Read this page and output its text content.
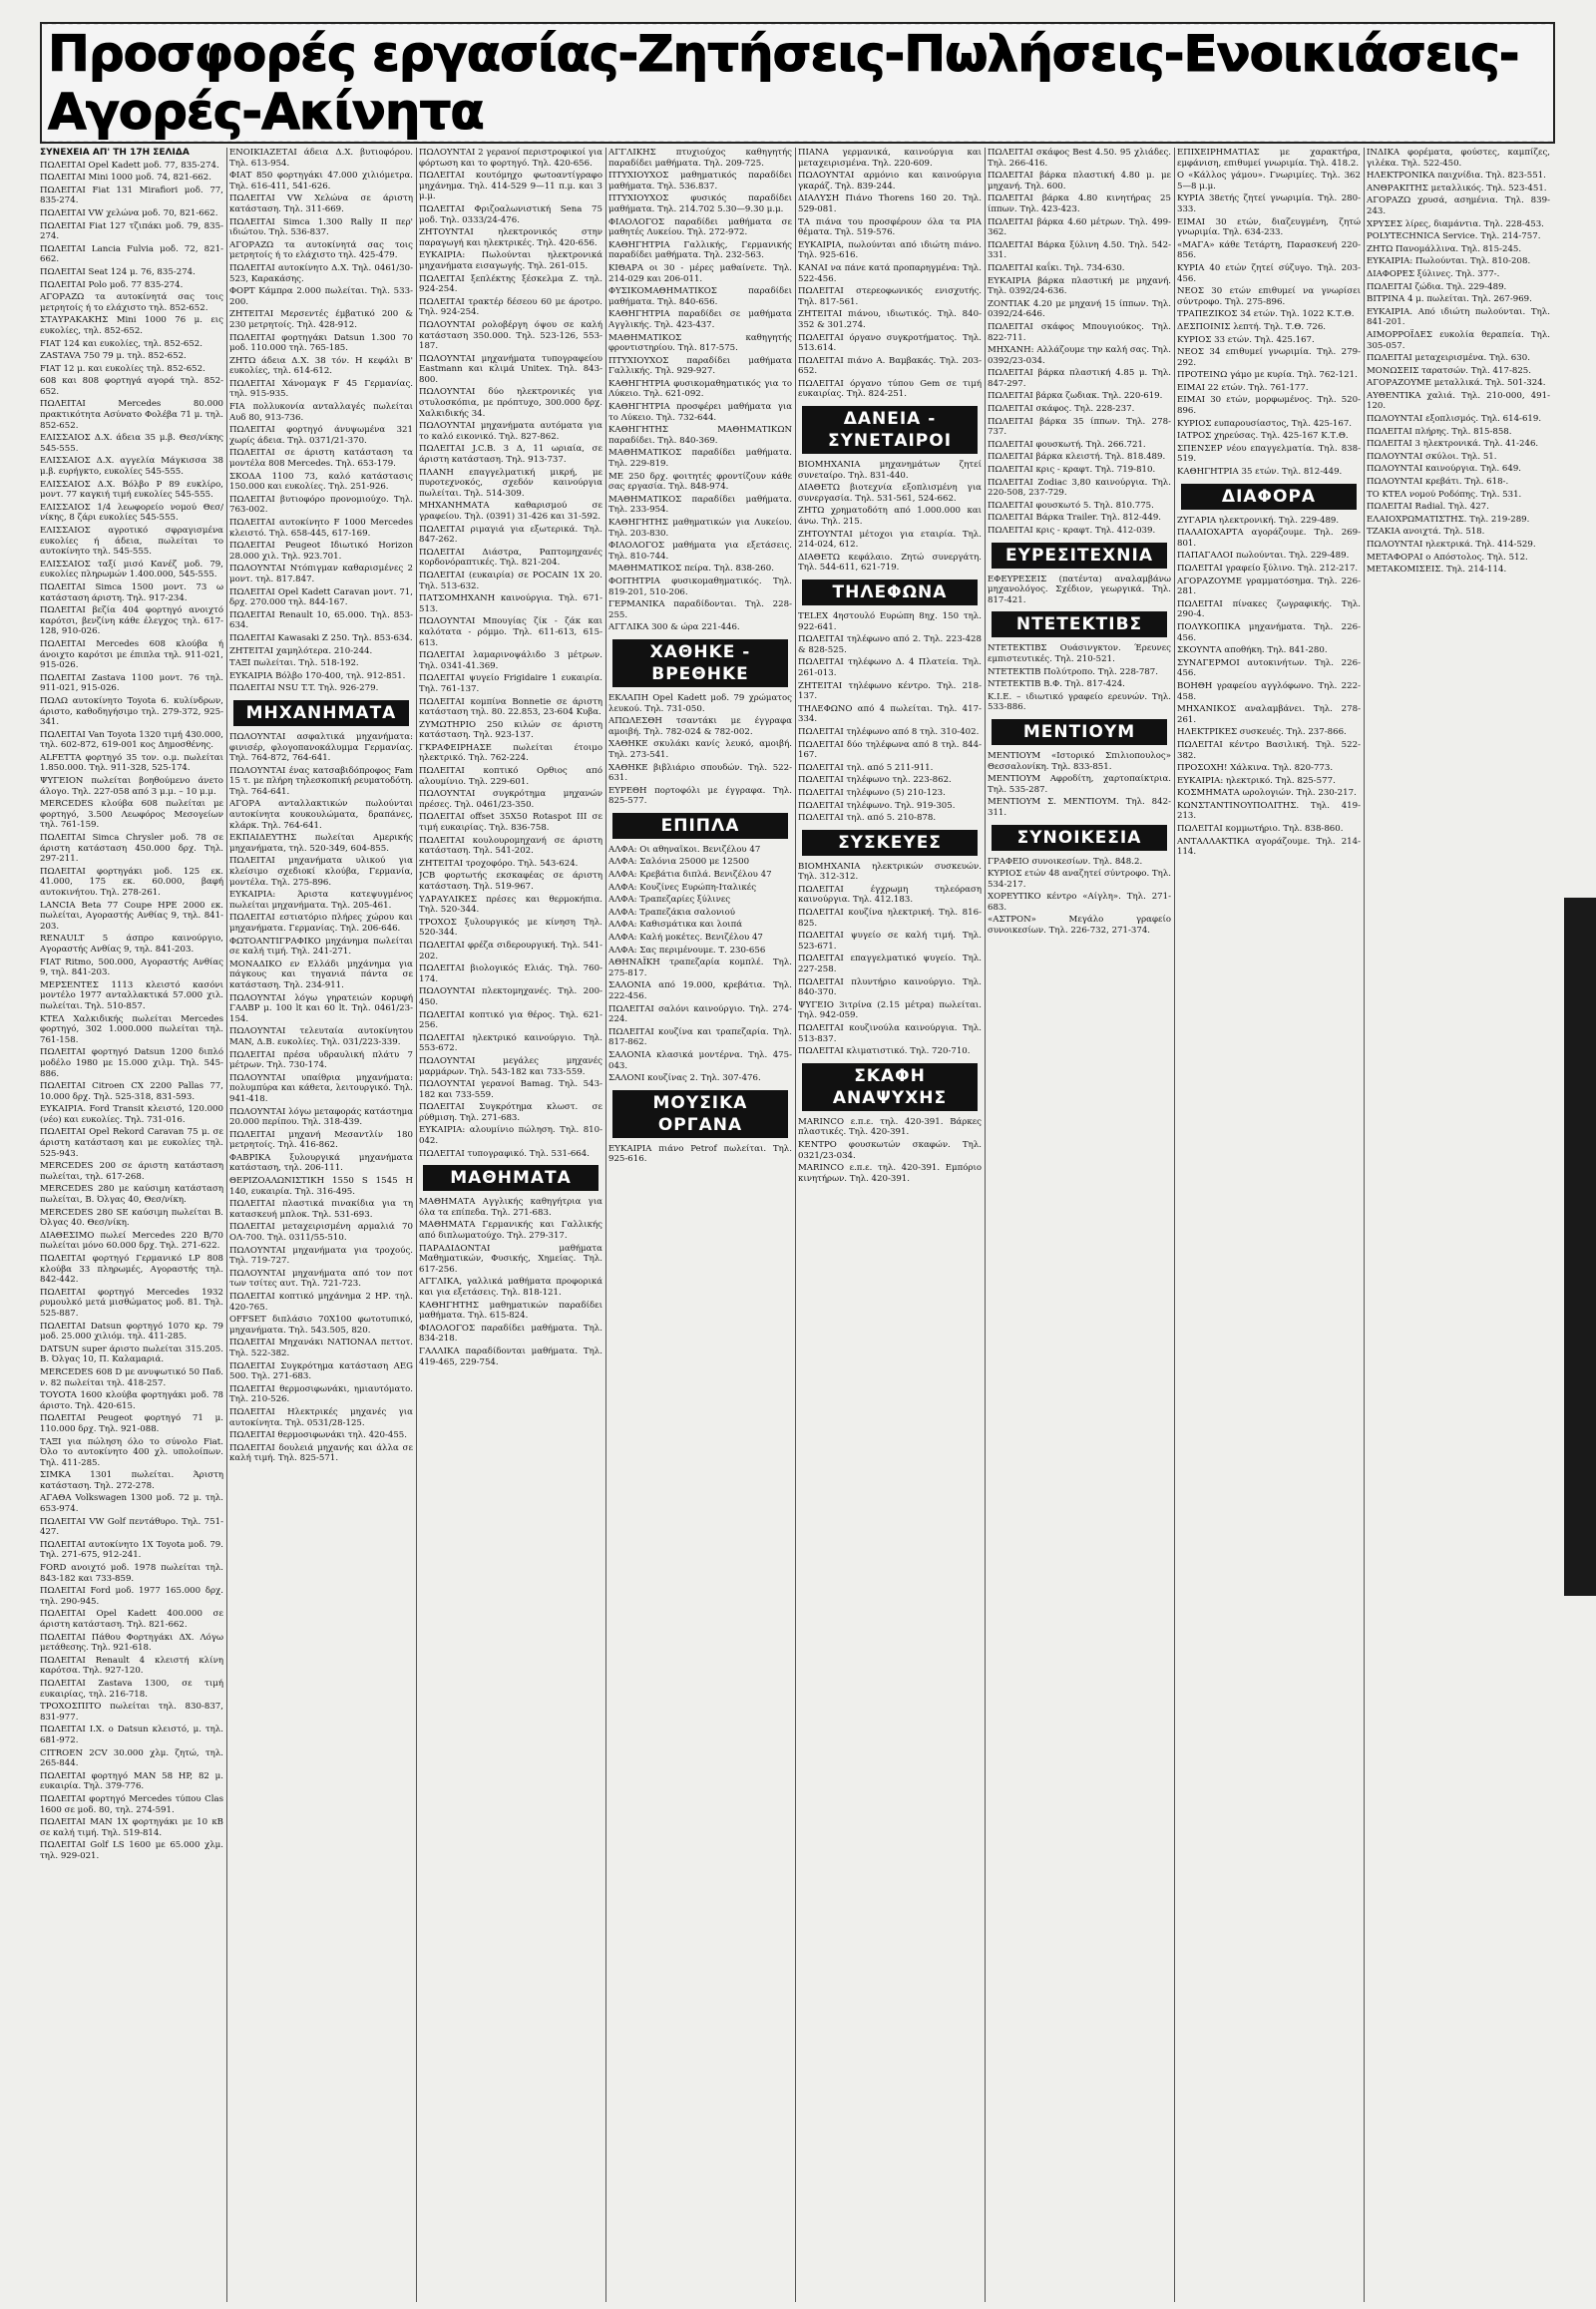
Προσφορές εργασίας-Ζητήσεις-Πωλήσεις-Ενοικιάσεις-Αγορές-Ακίνητα
ΣΥΝΕΧΕΙΑ ΑΠ' ΤΗ 17Η ΣΕΛΙΔΑ
ΠΩΛΕΙΤΑΙ Opel Kadett μοδ. 77, 835-274.
ΠΩΛΕΙΤΑΙ Mini 1000 μοδ. 74, 821-662.
ΠΩΛΕΙΤΑΙ Fiat 131 Mirafiori μοδ. 77, 835-274.
ΠΩΛΕΙΤΑΙ VW χελώνα μοδ. 70, 821-662.
ΠΩΛΕΙΤΑΙ Fiat 127 τζιπάκι μοδ. 79, 835-274.
ΠΩΛΕΙΤΑΙ Lancia Fulvia μοδ. 72, 821-662.
ΠΩΛΕΙΤΑΙ Seat 124 μ. 76, 835-274.
ΠΩΛΕΙΤΑΙ Polo μοδ. 77 835-274.
ΑΓΟΡΑΖΩ τα αυτοκίνητά σας τοις μετρητοίς ή το ελάχιστο τηλ. 852-652.
ΣΤΑΥΡΑΚΑΚΗΣ Mini 1000 76 μ. εις ευκολίες, τηλ. 852-652.
FIAT 124 και ευκολίες, τηλ. 852-652.
ZASTAVA 750 79 μ. τηλ. 852-652.
FIAT 12 μ. και ευκολίες τηλ. 852-652.
608 και 808 φορτηγά αγορά τηλ. 852-652.
ΠΩΛΕΙΤΑΙ Mercedes 80.000 πρακτικότητα Ασύνατο Φολέβα 71 μ. τηλ. 852-652.
ΕΛΙΣΣΑΙΟΣ Δ.Χ. άδεια 35 μ.β. Θεσ/νίκης 545-555.
ΕΛΙΣΣΑΙΟΣ Δ.Χ. αγγελία Μάγκισσα 38 μ.β. ευρήγκτο, ευκολίες 545-555.
ΕΛΙΣΣΑΙΟΣ Δ.Χ. Βόλβο Ρ 89 ευκλίρο, μοντ. 77 καγκιή τιμή ευκολίες 545-555.
ΕΛΙΣΣΑΙΟΣ 1/4 λεωφορείο νομού Θεσ/νίκης, 8 ζάρι ευκολίες 545-555.
ΕΛΙΣΣΑΙΟΣ αγροτικό σφραγισμένα ευκολίες ή άδεια, πωλείται το αυτοκίνητο τηλ. 545-555.
ΕΛΙΣΣΑΙΟΣ ταξί μισό Κανέζ μοδ. 79, ευκολίες πληρωμών 1.400.000, 545-555.
ΠΩΛΕΙΤΑΙ Simca 1500 μοντ. 73 ω κατάσταση άριστη. Τηλ. 917-234.
ΠΩΛΕΙΤΑΙ βεζία 404 φορτηγό ανοιχτό καρότσι, βενζίνη κάθε έλεγχος τηλ. 617-128, 910-026.
ΠΩΛΕΙΤΑΙ Mercedes 608 κλούβα ή άνοιχτο καρότσι με έπιπλα τηλ. 911-021, 915-026.
ΠΩΛΕΙΤΑΙ Zastava 1100 μοντ. 76 τηλ. 911-021, 915-026.
ΠΩΛΩ αυτοκίνητο Toyota 6. κυλίνδρων, άριστο, καθοδηγήσιμο τηλ. 279-372, 925-341.
ΠΩΛΕΙΤΑΙ Van Toyota 1320 τιμή 430.000, τηλ. 602-872, 619-001 κος Δημοσθένης.
ALFETTA φορτηγό 35 τον. ο.μ. πωλείται 1.850.000. Τηλ. 911-328, 525-174.
ΨΥΓΕΙΟΝ πωλείται βοηθούμενο άνετο άλογο. Τηλ. 227-058 από 3 μ.μ. – 10 μ.μ.
MERCEDES κλούβα 608 πωλείται με φορτηγό, 3.500 Λεωφόρος Μεσογείων τηλ. 761-159.
ΠΩΛΕΙΤΑΙ Simca Chrysler μοδ. 78 σε άριστη κατάσταση 450.000 δρχ. Τηλ. 297-211.
ΠΩΛΕΙΤΑΙ φορτηγάκι μοδ. 125 εκ. 41.000, 175 εκ. 60.000, βαφή αυτοκινήτου. Τηλ. 278-261.
LANCIA Beta 77 Coupe HPE 2000 εκ. πωλείται, Αγοραστής Ανθίας 9, τηλ. 841-203.
RENAULT 5 άσπρο καινούργιο, Αγοραστής Ανθίας 9, τηλ. 841-203.
FIAT Ritmo, 500.000, Αγοραστής Ανθίας 9, τηλ. 841-203.
ΜΕΡΣΕΝΤΕΣ 1113 κλειστό κασόνι μοντέλο 1977 ανταλλακτικά 57.000 χιλ. πωλείται. Τηλ. 510-857.
ΚΤΕΛ Χαλκιδικής πωλείται Mercedes φορτηγό, 302 1.000.000 πωλείται τηλ. 761-158.
ΠΩΛΕΙΤΑΙ φορτηγό Datsun 1200 διπλό μοδέλο 1980 με 15.000 χιλμ. Τηλ. 545-886.
ΠΩΛΕΙΤΑΙ Citroen CX 2200 Pallas 77, 10.000 δρχ. Τηλ. 525-318, 831-593.
ΕΥΚΑΙΡΙΑ. Ford Transit κλειστό, 120.000 (νέο) και ευκολίες. Τηλ. 731-016.
ΠΩΛΕΙΤΑΙ Opel Rekord Caravan 75 μ. σε άριστη κατάσταση και με ευκολίες τηλ. 525-943.
MERCEDES 200 σε άριστη κατάσταση πωλείται, τηλ. 617-268.
MERCEDES 280 με καύσιμη κατάσταση πωλείται, Β. Όλγας 40, Θεσ/νίκη.
MERCEDES 280 SE καύσιμη πωλείται Β. Όλγας 40. Θεσ/νίκη.
ΔΙΑΘΕΣΙΜΟ πωλεί Mercedes 220 Β/70 πωλείται μόνο 60.000 δρχ. Τηλ. 271-622.
ΠΩΛΕΙΤΑΙ φορτηγό Γερμανικό LP 808 κλούβα 33 πληρωμές, Αγοραστής τηλ. 842-442.
ΠΩΛΕΙΤΑΙ φορτηγό Mercedes 1932 ρυμουλκό μετά μισθώματος μοδ. 81. Τηλ. 525-887.
ΠΩΛΕΙΤΑΙ Datsun φορτηγό 1070 κρ. 79 μοδ. 25.000 χιλιόμ. τηλ. 411-285.
DATSUN super άριστο πωλείται 315.205. Β. Όλγας 10, Π. Καλαμαριά.
MERCEDES 608 D με ανυψωτικό 50 Παδ. ν. 82 πωλείται τηλ. 418-257.
TOYOTA 1600 κλούβα φορτηγάκι μοδ. 78 άριστο. Τηλ. 420-615.
ΠΩΛΕΙΤΑΙ Peugeot φορτηγό 71 μ. 110.000 δρχ. Τηλ. 921-088.
ΤΑΞΙ για πώληση όλο το σύνολο Fiat. Όλο το αυτοκίνητο 400 χλ. υπολοίπων. Τηλ. 411-285.
ΣΙΜΚΑ 1301 πωλείται. Άριστη κατάσταση. Τηλ. 272-278.
ΑΓΑΘΑ Volkswagen 1300 μοδ. 72 μ. τηλ. 653-974.
ΠΩΛΕΙΤΑΙ VW Golf πεντάθυρο. Τηλ. 751-427.
ΠΩΛΕΙΤΑΙ αυτοκίνητο 1X Toyota μοδ. 79. Τηλ. 271-675, 912-241.
FORD ανοιχτό μοδ. 1978 πωλείται τηλ. 843-182 και 733-859.
ΠΩΛΕΙΤΑΙ Ford μοδ. 1977 165.000 δρχ. τηλ. 290-945.
ΠΩΛΕΙΤΑΙ Opel Kadett 400.000 σε άριστη κατάσταση. Τηλ. 821-662.
ΠΩΛΕΙΤΑΙ Πάθου Φορτηγάκι ΔΧ. Λόγω μετάθεσης. Τηλ. 921-618.
ΠΩΛΕΙΤΑΙ Renault 4 κλειστή κλίνη καρότσα. Τηλ. 927-120.
ΠΩΛΕΙΤΑΙ Zastava 1300, σε τιμή ευκαιρίας, τηλ. 216-718.
ΤΡΟΧΟΣΠΙΤΟ πωλείται τηλ. 830-837, 831-977.
ΠΩΛΕΙΤΑΙ Ι.Χ. ο Datsun κλειστό, μ. τηλ. 681-972.
CITROEN 2CV 30.000 χλμ. ζητώ, τηλ. 265-844.
ΠΩΛΕΙΤΑΙ φορτηγό MAN 58 HP, 82 μ. ευκαιρία. Τηλ. 379-776.
ΠΩΛΕΙΤΑΙ φορτηγό Mercedes τύπου Clas 1600 σε μοδ. 80, τηλ. 274-591.
ΠΩΛΕΙΤΑΙ MAN 1Χ φορτηγάκι με 10 κΒ σε καλή τιμή. Τηλ. 519-814.
ΠΩΛΕΙΤΑΙ Golf LS 1600 με 65.000 χλμ. τηλ. 929-021.
ΕΝΟΙΚΙΑΖΕΤΑΙ άδεια Δ.Χ. βυτιοφόρου. Τηλ. 613-954.
ΦΙΑΤ 850 φορτηγάκι 47.000 χιλιόμετρα. Τηλ. 616-411, 541-626.
ΠΩΛΕΙΤΑΙ VW Χελώνα σε άριστη κατάσταση. Τηλ. 311-669.
ΠΩΛΕΙΤΑΙ Simca 1.300 Rally II περ' ιδιώτου. Τηλ. 536-837.
ΑΓΟΡΑΖΩ τα αυτοκίνητά σας τοις μετρητοίς ή το ελάχιστο τηλ. 425-479.
ΠΩΛΕΙΤΑΙ αυτοκίνητο Δ.Χ. Τηλ. 0461/30-523, Καρακάσης.
ΦΟΡΤ Κάμπρα 2.000 πωλείται. Τηλ. 533-200.
ΖΗΤΕΙΤΑΙ Μερσεντές έμβατικό 200 & 230 μετρητοίς. Τηλ. 428-912.
ΠΩΛΕΙΤΑΙ φορτηγάκι Datsun 1.300 70 μοδ. 110.000 τηλ. 765-185.
ΖΗΤΩ άδεια Δ.Χ. 38 τόν. Η κεφάλι Β' ευκολίες, τηλ. 614-612.
ΠΩΛΕΙΤΑΙ Χάνομαγκ F 45 Γερμανίας. τηλ. 915-935.
FIA πολλυκονία ανταλλαγές πωλείται Αυδ 80, 913-736.
ΠΩΛΕΙΤΑΙ φορτηγό άνυψωμένα 321 χωρίς άδεια. Τηλ. 0371/21-370.
ΠΩΛΕΙΤΑΙ σε άριστη κατάσταση τα μοντέλα 808 Mercedes. Τηλ. 653-179.
ΣΚΟΔΑ 1100 73, καλό κατάστασις 150.000 και ευκολίες. Τηλ. 251-926.
ΠΩΛΕΙΤΑΙ βυτιοφόρο προνομιούχο. Τηλ. 763-002.
ΠΩΛΕΙΤΑΙ αυτοκίνητο F 1000 Mercedes κλειστό. Τηλ. 658-445, 617-169.
ΠΩΛΕΙΤΑΙ Peugeot Ιδιωτικό Horizon 28.000 χιλ. Τηλ. 923.701.
ΠΩΛΟΥΝΤΑΙ Ντόπιγμαν καθαρισμένες 2 μοντ. τηλ. 817.847.
ΠΩΛΕΙΤΑΙ Opel Kadett Caravan μοντ. 71, δρχ. 270.000 τηλ. 844-167.
ΠΩΛΕΙΤΑΙ Renault 10, 65.000. Τηλ. 853-634.
ΠΩΛΕΙΤΑΙ Kawasaki Z 250. Τηλ. 853-634.
ΖΗΤΕΙΤΑΙ χαμηλότερα. 210-244.
ΤΑΞΙ πωλείται. Τηλ. 518-192.
ΕΥΚΑΙΡΙΑ Βόλβο 170-400, τηλ. 912-851.
ΠΩΛΕΙΤΑΙ NSU T.T. Τηλ. 926-279.
ΜΗΧΑΝΗΜΑΤΑ
ΠΩΛΟΥΝΤΑΙ ασφαλτικά μηχανήματα: φινισέρ, φλογοπανοκάλυμμα Γερμανίας. Τηλ. 764-872, 764-641.
ΠΩΛΟΥΝΤΑΙ ένας κατσαβιδόπροφος Fam 15 τ. με πλήρη τηλεσκοπική ρευματοδότη. Τηλ. 764-641.
ΑΓΟΡΑ ανταλλακτικών πωλούνται αυτοκίνητα κουκουλώματα, δραπάνες, κλάρκ. Τηλ. 764-641.
ΕΚΠΑΙΔΕΥΤΗΣ πωλείται Αμερικής μηχανήματα, τηλ. 520-349, 604-855.
ΠΩΛΕΙΤΑΙ μηχανήματα υλικού για κλείσιμο σχεδιοκί κλούβα, Γερμανία, μοντέλα. Τηλ. 275-896.
ΕΥΚΑΙΡΙΑ: Άριστα κατεψυγμένος πωλείται μηχανήματα. Τηλ. 205-461.
ΠΩΛΕΙΤΑΙ εστιατόριο πλήρες χώρου και μηχανήματα. Γερμανίας. Τηλ. 206-646.
ΦΩΤΟΑΝΤΙΓΡΑΦΙΚΟ μηχάνημα πωλείται σε καλή τιμή. Τηλ. 241-271.
ΜΟΝΑΔΙΚΟ εν Ελλάδι μηχάνημα για πάγκους και τηγανιά πάντα σε κατάσταση. Τηλ. 234-911.
ΠΩΛΟΥΝΤΑΙ λόγω γηρατειών κορυφή ΓΑΛΒΡ μ. 100 lt και 60 lt. Τηλ. 0461/23-154.
ΠΩΛΟΥΝΤΑΙ τελευταία αυτοκίνητου MAN, Δ.Β. ευκολίες. Τηλ. 031/223-339.
ΠΩΛΕΙΤΑΙ πρέσα υδραυλική πλάτυ 7 μέτρων. Τηλ. 730-174.
ΠΩΛΟΥΝΤΑΙ υπαίθρια μηχανήματα: πολυμπύρα και κάθετα, λειτουργικό. Τηλ. 941-418.
ΠΩΛΟΥΝΤΑΙ λόγω μεταφοράς κατάστημα 20.000 περίπου. Τηλ. 318-439.
ΠΩΛΕΙΤΑΙ μηχανή Μεσαντλίν 180 μετρητοίς. Τηλ. 416-862.
ΦΑΒΡΙΚΑ ξυλουργικά μηχανήματα κατάσταση, τηλ. 206-111.
ΘΕΡΙΖΟΑΛΩΝΙΣΤΙΚΗ 1550 S 1545 Η 140, ευκαιρία. Τηλ. 316-495.
ΠΩΛΕΙΤΑΙ πλαστικά πινακίδια για τη κατασκευή μπλοκ. Τηλ. 531-693.
ΠΩΛΕΙΤΑΙ μεταχειρισμένη αρμαλιά 70 ΟΛ-700. Τηλ. 0311/55-510.
ΠΩΛΟΥΝΤΑΙ μηχανήματα για τροχούς. Τηλ. 719-727.
ΠΩΛΟΥΝΤΑΙ μηχανήματα από τον ποτ των τσίτες αυτ. Τηλ. 721-723.
ΠΩΛΕΙΤΑΙ κοπτικό μηχάνημα 2 ΗΡ. τηλ. 420-765.
OFFSET διπλάσιο 70Χ100 φωτοτυπικό, μηχανήματα. Τηλ. 543.505, 820.
ΠΩΛΕΙΤΑΙ Μηχανάκι ΝΑΤΙΟΝΑΛ πεττοτ. Τηλ. 522-382.
ΠΩΛΕΙΤΑΙ Συγκρότημα κατάσταση ΑΕG 500. Τηλ. 271-683.
ΠΩΛΕΙΤΑΙ θερμοσιφωνάκι, ημιαυτόματο. Τηλ. 210-526.
ΠΩΛΕΙΤΑΙ Ηλεκτρικές μηχανές για αυτοκίνητα. Τηλ. 0531/28-125.
ΠΩΛΕΙΤΑΙ θερμοσιφωνάκι τηλ. 420-455.
ΠΩΛΕΙΤΑΙ δουλειά μηχανής και άλλα σε καλή τιμή. Τηλ. 825-571.
ΠΩΛΟΥΝΤΑΙ 2 γερανοί περιστροφικοί για φόρτωση και το φορτηγό. Τηλ. 420-656.
ΠΩΛΕΙΤΑΙ κουτόμηχο φωτοαντίγραφο μηχάνημα. Τηλ. 414-529 9—11 π.μ. και 3 μ.μ.
ΠΩΛΕΙΤΑΙ Φριζοαλωνιστική Sena 75 μοδ. Τηλ. 0333/24-476.
ΖΗΤΟΥΝΤΑΙ ηλεκτρονικός στην παραγωγή και ηλεκτρικές. Τηλ. 420-656.
ΕΥΚΑΙΡΙΑ: Πωλούνται ηλεκτρονικά μηχανήματα εισαγωγής. Τηλ. 261-015.
ΠΩΛΕΙΤΑΙ ξεπλέκτης ξέσκελμα Ζ. τηλ. 924-254.
ΠΩΛΕΙΤΑΙ τρακτέρ δέσεου 60 με άροτρο. Τηλ. 924-254.
ΠΩΛΟΥΝΤΑΙ ρολοβέργη όψου σε καλή κατάσταση 350.000. Τηλ. 523-126, 553-187.
ΠΩΛΟΥΝΤΑΙ μηχανήματα τυπογραφείου Eastmann και κλιμά Unitex. Τηλ. 843-800.
ΠΩΛΟΥΝΤΑΙ δύο ηλεκτρονικές για στυλοσκόπια, με πρόπτυχο, 300.000 δρχ. Χαλκιδικής 34.
ΠΩΛΟΥΝΤΑΙ μηχανήματα αυτόματα για το καλό εικονικό. Τηλ. 827-862.
ΠΩΛΕΙΤΑΙ J.C.B. 3 Δ, 11 ωριαία, σε άριστη κατάσταση. Τηλ. 913-737.
ΠΛΑΝΗ επαγγελματική μικρή, με πυροτεχνοκός, σχεδόν καινούργια πωλείται. Τηλ. 514-309.
ΜΗΧΑΝΗΜΑΤΑ καθαρισμού σε γραφείου. Τηλ. (0391) 31-426 και 31-592.
ΠΩΛΕΙΤΑΙ ριμαγιά για εξωτερικά. Τηλ. 847-262.
ΠΩΛΕΙΤΑΙ Διάστρα, Ραπτομηχανές κορδονόραπτικές. Τηλ. 821-204.
ΠΩΛΕΙΤΑΙ (ευκαιρία) σε ΡΟCΑΙΝ 1Χ 20. Τηλ. 513-632.
ΠΑΤΣΟΜΗΧΑΝΗ καινούργια. Τηλ. 671-513.
ΠΩΛΟΥΝΤΑΙ Μπουγίας ζίκ - ζάκ και καλότατα - ρόμμο. Τηλ. 611-613, 615-613.
ΠΩΛΕΙΤΑΙ λαμαρινοψάλιδο 3 μέτρων. Τηλ. 0341-41.369.
ΠΩΛΕΙΤΑΙ ψυγείο Frigidaire 1 ευκαιρία. Τηλ. 761-137.
ΠΩΛΕΙΤΑΙ κομπίνα Bonnetie σε άριστη κατάσταση τηλ. 80. 22.853, 23-604 Κυβα.
ΖΥΜΩΤΗΡΙΟ 250 κιλών σε άριστη κατάσταση. Τηλ. 923-137.
ΓΚΡΑΦΕΙΡΗΑΣΕ πωλείται έτοιμο ηλεκτρικό. Τηλ. 762-224.
ΠΩΛΕΙΤΑΙ κοπτικό Ορθιος από αλουμίνιο. Τηλ. 229-601.
ΠΩΛΟΥΝΤΑΙ συγκρότημα μηχανών πρέσες. Τηλ. 0461/23-350.
ΠΩΛΕΙΤΑΙ offset 35Χ50 Rotaspot III σε τιμή ευκαιρίας. Τηλ. 836-758.
ΠΩΛΕΙΤΑΙ κουλουρομηχανή σε άριστη κατάσταση. Τηλ. 541-202.
ΖΗΤΕΙΤΑΙ τροχοφόρο. Τηλ. 543-624.
JCB φορτωτής εκσκαφέας σε άριστη κατάσταση. Τηλ. 519-967.
ΥΔΡΑΥΛΙΚΕΣ πρέσες και θερμοκήπια. Τηλ. 520-344.
ΤΡΟΧΟΣ ξυλουργικός με κίνηση Τηλ. 520-344.
ΠΩΛΕΙΤΑΙ φρέζα σιδερουργική. Τηλ. 541-202.
ΠΩΛΕΙΤΑΙ βιολογικός Ελιάς. Τηλ. 760-174.
ΠΩΛΟΥΝΤΑΙ πλεκτομηχανές. Τηλ. 200-450.
ΠΩΛΕΙΤΑΙ κοπτικό για θέρος. Τηλ. 621-256.
ΠΩΛΕΙΤΑΙ ηλεκτρικό καινούργιο. Τηλ. 553-672.
ΠΩΛΟΥΝΤΑΙ μεγάλες μηχανές μαρμάρων. Τηλ. 543-182 και 733-559.
ΠΩΛΟΥΝΤΑΙ γερανοί Bamag. Τηλ. 543-182 και 733-559.
ΠΩΛΕΙΤΑΙ Συγκρότημα κλωστ. σε ρύθμιση. Τηλ. 271-683.
ΕΥΚΑΙΡΙΑ: αλουμίνιο πώληση. Τηλ. 810-042.
ΠΩΛΕΙΤΑΙ τυπογραφικό. Τηλ. 531-664.
ΜΑΘΗΜΑΤΑ
ΜΑΘΗΜΑΤΑ Αγγλικής καθηγήτρια για όλα τα επίπεδα. Τηλ. 271-683.
ΜΑΘΗΜΑΤΑ Γερμανικής και Γαλλικής από διπλωματούχο. Τηλ. 279-317.
ΠΑΡΑΔΙΔΟΝΤΑΙ μαθήματα Μαθηματικών, Φυσικής, Χημείας. Τηλ. 617-256.
ΑΓΓΛΙΚΑ, γαλλικά μαθήματα προφορικά και για εξετάσεις. Τηλ. 818-121.
ΚΑΘΗΓΗΤΗΣ μαθηματικών παραδίδει μαθήματα. Τηλ. 615-824.
ΦΙΛΟΛΟΓΟΣ παραδίδει μαθήματα. Τηλ. 834-218.
ΓΑΛΛΙΚΑ παραδίδονται μαθήματα. Τηλ. 419-465, 229-754.
ΑΓΓΛΙΚΗΣ πτυχιούχος καθηγητής παραδίδει μαθήματα. Τηλ. 209-725.
ΠΤΥΧΙΟΥΧΟΣ μαθηματικός παραδίδει μαθήματα. Τηλ. 536.837.
ΠΤΥΧΙΟΥΧΟΣ φυσικός παραδίδει μαθήματα. Τηλ. 214.702 5.30—9.30 μ.μ.
ΦΙΛΟΛΟΓΟΣ παραδίδει μαθήματα σε μαθητές Λυκείου. Τηλ. 272-972.
ΚΑΘΗΓΗΤΡΙΑ Γαλλικής, Γερμανικής παραδίδει μαθήματα. Τηλ. 232-563.
ΚΙΘΑΡΑ οι 30 - μέρες μαθαίνετε. Τηλ. 214-029 και 206-011.
ΦΥΣΙΚΟΜΑΘΗΜΑΤΙΚΟΣ παραδίδει μαθήματα. Τηλ. 840-656.
ΚΑΘΗΓΗΤΡΙΑ παραδίδει σε μαθήματα Αγγλικής. Τηλ. 423-437.
ΜΑΘΗΜΑΤΙΚΟΣ καθηγητής φροντιστηρίου. Τηλ. 817-575.
ΠΤΥΧΙΟΥΧΟΣ παραδίδει μαθήματα Γαλλικής. Τηλ. 929-927.
ΚΑΘΗΓΗΤΡΙΑ φυσικομαθηματικός για το Λύκειο. Τηλ. 621-092.
ΚΑΘΗΓΗΤΡΙΑ προσφέρει μαθήματα για το Λύκειο. Τηλ. 732-644.
ΚΑΘΗΓΗΤΗΣ ΜΑΘΗΜΑΤΙΚΩΝ παραδίδει. Τηλ. 840-369.
ΜΑΘΗΜΑΤΙΚΟΣ παραδίδει μαθήματα. Τηλ. 229-819.
ΜΕ 250 δρχ. φοιτητές φροντίζουν κάθε σας εργασία. Τηλ. 848-974.
ΜΑΘΗΜΑΤΙΚΟΣ παραδίδει μαθήματα. Τηλ. 233-954.
ΚΑΘΗΓΗΤΗΣ μαθηματικών για Λυκείου. Τηλ. 203-830.
ΦΙΛΟΛΟΓΟΣ μαθήματα για εξετάσεις. Τηλ. 810-744.
ΜΑΘΗΜΑΤΙΚΟΣ πείρα. Τηλ. 838-260.
ΦΟΙΤΗΤΡΙΑ φυσικομαθηματικός. Τηλ. 819-201, 510-206.
ΓΕΡΜΑΝΙΚΑ παραδίδονται. Τηλ. 228-255.
ΑΓΓΛΙΚΑ 300 & ώρα 221-446.
ΧΑΘΗΚΕ - ΒΡΕΘΗΚΕ
ΕΚΛΑΠΗ Opel Kadett μοδ. 79 χρώματος λευκού. Τηλ. 731-050.
ΑΠΩΛΕΣΘΗ τσαντάκι με έγγραφα αμοιβή. Τηλ. 782-024 & 782-002.
ΧΑΘΗΚΕ σκυλάκι κανίς λευκό, αμοιβή. Τηλ. 273-541.
ΧΑΘΗΚΕ βιβλιάριο σπουδών. Τηλ. 522-631.
ΕΥΡΕΘΗ πορτοφόλι με έγγραφα. Τηλ. 825-577.
ΕΠΙΠΛΑ
ΑΛΦΑ: Οι αθηναϊκοι. Βενιζέλου 47
ΑΛΦΑ: Σαλόνια 25000 με 12500
ΑΛΦΑ: Κρεβάτια διπλά. Βενιζέλου 47
ΑΛΦΑ: Κουζίνες Ευρώπη-Ιταλικές
ΑΛΦΑ: Τραπεζαρίες ξύλινες
ΑΛΦΑ: Τραπεζάκια σαλονιού
ΑΛΦΑ: Καθισμάτικα και λοιπά
ΑΛΦΑ: Καλή μοκέτες. Βενιζέλου 47
ΑΛΦΑ: Σας περιμένουμε. Τ. 230-656
ΑΘΗΝΑΪΚΗ τραπεζαρία κομπλέ. Τηλ. 275-817.
ΣΑΛΟΝΙΑ από 19.000, κρεβάτια. Τηλ. 222-456.
ΠΩΛΕΙΤΑΙ σαλόνι καινούργιο. Τηλ. 274-224.
ΠΩΛΕΙΤΑΙ κουζίνα και τραπεζαρία. Τηλ. 817-862.
ΣΑΛΟΝΙΑ κλασικά μοντέρνα. Τηλ. 475-043.
ΣΑΛΟΝΙ κουζίνας 2. Τηλ. 307-476.
ΜΟΥΣΙΚΑ ΟΡΓΑΝΑ
ΕΥΚΑΙΡΙΑ πιάνο Petrof πωλείται. Τηλ. 925-616.
ΠΙΑΝΑ γερμανικά, καινούργια και μεταχειρισμένα. Τηλ. 220-609.
ΠΩΛΟΥΝΤΑΙ αρμόνιο και καινούργια γκαράζ. Τηλ. 839-244.
ΔΙΑΛΥΣΗ Πιάνο Thorens 160 20. Τηλ. 529-081.
ΤΑ πιάνα του προσφέρουν όλα τα ΡΙΑ θέματα. Τηλ. 519-576.
ΕΥΚΑΙΡΙΑ, πωλούνται από ιδιώτη πιάνο. Τηλ. 925-616.
ΚΑΝΑΙ να πάνε κατά προπαρηγμένα: Τηλ. 522-456.
ΠΩΛΕΙΤΑΙ στερεοφωνικός ενισχυτής. Τηλ. 817-561.
ΖΗΤΕΙΤΑΙ πιάνου, ιδιωτικός. Τηλ. 840-352 & 301.274.
ΠΩΛΕΙΤΑΙ όργανο συγκροτήματος. Τηλ. 513.614.
ΠΩΛΕΙΤΑΙ πιάνο A. Βαμβακάς. Τηλ. 203-652.
ΠΩΛΕΙΤΑΙ όργανο τύπου Gem σε τιμή ευκαιρίας. Τηλ. 824-251.
ΔΑΝΕΙΑ - ΣΥΝΕΤΑΙΡΟΙ
ΒΙΟΜΗΧΑΝΙΑ μηχανημάτων ζητεί συνεταίρο. Τηλ. 831-440.
ΔΙΑΘΕΤΩ βιοτεχνία εξοπλισμένη για συνεργασία. Τηλ. 531-561, 524-662.
ΖΗΤΩ χρηματοδότη από 1.000.000 και άνω. Τηλ. 215.
ΖΗΤΟΥΝΤΑΙ μέτοχοι για εταιρία. Τηλ. 214-024, 612.
ΔΙΑΘΕΤΩ κεφάλαιο. Ζητώ συνεργάτη. Τηλ. 544-611, 621-719.
ΤΗΛΕΦΩΝΑ
TELEX 4ηστουλό Ευρώπη 8ηχ. 150 τηλ. 922-641.
ΠΩΛΕΙΤΑΙ τηλέφωνο από 2. Τηλ. 223-428 & 828-525.
ΠΩΛΕΙΤΑΙ τηλέφωνο Δ. 4 Πλατεία. Τηλ. 261-013.
ΖΗΤΕΙΤΑΙ τηλέφωνο κέντρο. Τηλ. 218-137.
ΤΗΛΕΦΩΝΟ από 4 πωλείται. Τηλ. 417-334.
ΠΩΛΕΙΤΑΙ τηλέφωνο από 8 τηλ. 310-402.
ΠΩΛΕΙΤΑΙ δύο τηλέφωνα από 8 τηλ. 844-167.
ΠΩΛΕΙΤΑΙ τηλ. από 5 211-911.
ΠΩΛΕΙΤΑΙ τηλέφωνο τηλ. 223-862.
ΠΩΛΕΙΤΑΙ τηλέφωνο (5) 210-123.
ΠΩΛΕΙΤΑΙ τηλέφωνο. Τηλ. 919-305.
ΠΩΛΕΙΤΑΙ τηλ. από 5. 210-878.
ΣΥΣΚΕΥΕΣ
ΒΙΟΜΗΧΑΝΙΑ ηλεκτρικών συσκευών. Τηλ. 312-312.
ΠΩΛΕΙΤΑΙ έγχρωμη τηλεόραση καινούργια. Τηλ. 412.183.
ΠΩΛΕΙΤΑΙ κουζίνα ηλεκτρική. Τηλ. 816-825.
ΠΩΛΕΙΤΑΙ ψυγείο σε καλή τιμή. Τηλ. 523-671.
ΠΩΛΕΙΤΑΙ επαγγελματικό ψυγείο. Τηλ. 227-258.
ΠΩΛΕΙΤΑΙ πλυντήριο καινούργιο. Τηλ. 840-370.
ΨΥΓΕΙΟ 3ιτρίνα (2.15 μέτρα) πωλείται. Τηλ. 942-059.
ΠΩΛΕΙΤΑΙ κουζινούλα καινούργια. Τηλ. 513-837.
ΠΩΛΕΙΤΑΙ κλιματιστικό. Τηλ. 720-710.
ΣΚΑΦΗ ΑΝΑΨΥΧΗΣ
MARINCO ε.π.ε. τηλ. 420-391. Βάρκες πλαστικές. Τηλ. 420-391.
ΚΕΝΤΡΟ φουσκωτών σκαφών. Τηλ. 0321/23-034.
MARINCO ε.π.ε. τηλ. 420-391. Εμπόριο κινητήρων. Τηλ. 420-391.
ΠΩΛΕΙΤΑΙ σκάφος Best 4.50. 95 χλιάδες. Τηλ. 266-416.
ΠΩΛΕΙΤΑΙ βάρκα πλαστική 4.80 μ. με μηχανή. Τηλ. 600.
ΠΩΛΕΙΤΑΙ βάρκα 4.80 κινητήρας 25 ίππων. Τηλ. 423-423.
ΠΩΛΕΙΤΑΙ βάρκα 4.60 μέτρων. Τηλ. 499-362.
ΠΩΛΕΙΤΑΙ Βάρκα ξύλινη 4.50. Τηλ. 542-331.
ΠΩΛΕΙΤΑΙ καΐκι. Τηλ. 734-630.
ΕΥΚΑΙΡΙΑ βάρκα πλαστική με μηχανή. Τηλ. 0392/24-636.
ΖΟΝΤΙΑΚ 4.20 με μηχανή 15 ίππων. Τηλ. 0392/24-646.
ΠΩΛΕΙΤΑΙ σκάφος Μπουγιούκος. Τηλ. 822-711.
ΜΗΧΑΝΗ: Αλλάζουμε την καλή σας. Τηλ. 0392/23-034.
ΠΩΛΕΙΤΑΙ βάρκα πλαστική 4.85 μ. Τηλ. 847-297.
ΠΩΛΕΙΤΑΙ βάρκα ζωδιακ. Τηλ. 220-619.
ΠΩΛΕΙΤΑΙ σκάφος. Τηλ. 228-237.
ΠΩΛΕΙΤΑΙ βάρκα 35 ίππων. Τηλ. 278-737.
ΠΩΛΕΙΤΑΙ φουσκωτή. Τηλ. 266.721.
ΠΩΛΕΙΤΑΙ βάρκα κλειστή. Τηλ. 818.489.
ΠΩΛΕΙΤΑΙ κρις - κραφτ. Τηλ. 719-810.
ΠΩΛΕΙΤΑΙ Zodiac 3,80 καινούργια. Τηλ. 220-508, 237-729.
ΠΩΛΕΙΤΑΙ φουσκωτό 5. Τηλ. 810.775.
ΠΩΛΕΙΤΑΙ Βάρκα Trailer. Τηλ. 812-449.
ΠΩΛΕΙΤΑΙ κρις - κραφτ. Τηλ. 412-039.
ΕΥΡΕΣΙΤΕΧΝΙΑ
ΕΦΕΥΡΕΣΕΙΣ (πατέντα) αναλαμβάνω μηχανολόγος. Σχέδιον, γεωργικά. Τηλ. 817-421.
ΝΤΕΤΕΚΤΙΒΣ
ΝΤΕΤΕΚΤΙΒΣ Ουάσινγκτον. Έρευνες εμπιστευτικές. Τηλ. 210-521.
ΝΤΕΤΕΚΤΙΒ Πολύτροπο. Τηλ. 228-787.
ΝΤΕΤΕΚΤΙΒ Β.Φ. Τηλ. 817-424.
Κ.Ι.Ε. – ιδιωτικό γραφείο ερευνών. Τηλ. 533-886.
ΜΕΝΤΙΟΥΜ
ΜΕΝΤΙΟΥΜ «Ιστορικό Σπιλιοπουλος» Θεσσαλονίκη. Τηλ. 833-851.
ΜΕΝΤΙΟΥΜ Αφροδίτη, χαρτοπαίκτρια. Τηλ. 535-287.
ΜΕΝΤΙΟΥΜ Σ. ΜΕΝΤΙΟΥΜ. Τηλ. 842-311.
ΣΥΝΟΙΚΕΣΙΑ
ΓΡΑΦΕΙΟ συνοικεσίων. Τηλ. 848.2.
ΚΥΡΙΟΣ ετών 48 αναζητεί σύντροφο. Τηλ. 534-217.
ΧΟΡΕΥΤΙΚΟ κέντρο «Αίγλη». Τηλ. 271-683.
«ΑΣΤΡΟΝ» Μεγάλο γραφείο συνοικεσίων. Τηλ. 226-732, 271-374.
ΕΠΙΧΕΙΡΗΜΑΤΙΑΣ με χαρακτήρα, εμφάνιση, επιθυμεί γνωριμία. Τηλ. 418.2.
Ο «Κάλλος γάμου». Γνωριμίες. Τηλ. 362 5—8 μ.μ.
ΚΥΡΙΑ 38ετής ζητεί γνωριμία. Τηλ. 280-333.
ΕΙΜΑΙ 30 ετών, διαζευγμένη, ζητώ γνωριμία. Τηλ. 634-233.
«ΜΑΓΑ» κάθε Τετάρτη, Παρασκευή 220-856.
ΚΥΡΙΑ 40 ετών ζητεί σύζυγο. Τηλ. 203-456.
ΝΕΟΣ 30 ετών επιθυμεί να γνωρίσει σύντροφο. Τηλ. 275-896.
ΤΡΑΠΕΖΙΚΟΣ 34 ετών. Τηλ. 1022 Κ.Τ.Θ.
ΔΕΣΠΟΙΝΙΣ λεπτή. Τηλ. Τ.Θ. 726.
ΚΥΡΙΟΣ 33 ετών. Τηλ. 425.167.
ΝΕΟΣ 34 επιθυμεί γνωριμία. Τηλ. 279-292.
ΠΡΟΤΕΙΝΩ γάμο με κυρία. Τηλ. 762-121.
ΕΙΜΑΙ 22 ετών. Τηλ. 761-177.
ΕΙΜΑΙ 30 ετών, μορφωμένος. Τηλ. 520-896.
ΚΥΡΙΟΣ ευπαρουσίαστος, Τηλ. 425-167.
ΙΑΤΡΟΣ χηρεύσας. Τηλ. 425-167 Κ.Τ.Θ.
ΣΠΕΝΣΕΡ νέου επαγγελματία. Τηλ. 838-519.
ΚΑΘΗΓΗΤΡΙΑ 35 ετών. Τηλ. 812-449.
ΔΙΑΦΟΡΑ
ΖΥΓΑΡΙΑ ηλεκτρονική. Τηλ. 229-489.
ΠΑΛΑΙΟΧΑΡΤΑ αγοράζουμε. Τηλ. 269-801.
ΠΑΠΑΓΑΛΟΙ πωλούνται. Τηλ. 229-489.
ΠΩΛΕΙΤΑΙ γραφείο ξύλινο. Τηλ. 212-217.
ΑΓΟΡΑΖΟΥΜΕ γραμματόσημα. Τηλ. 226-281.
ΠΩΛΕΙΤΑΙ πίνακες ζωγραφικής. Τηλ. 290-4.
ΠΟΛΥΚΟΠΙΚΑ μηχανήματα. Τηλ. 226-456.
ΣΚΟΥΝΤΑ αποθήκη. Τηλ. 841-280.
ΣΥΝΑΓΕΡΜΟΙ αυτοκινήτων. Τηλ. 226-456.
ΒΟΗΘΗ γραφείου αγγλόφωνο. Τηλ. 222-458.
ΜΗΧΑΝΙΚΟΣ αναλαμβάνει. Τηλ. 278-261.
ΗΛΕΚΤΡΙΚΕΣ συσκευές. Τηλ. 237-866.
ΠΩΛΕΙΤΑΙ κέντρο Βασιλική. Τηλ. 522-382.
ΠΡΟΣΟΧΗ! Χάλκινα. Τηλ. 820-773.
ΕΥΚΑΙΡΙΑ: ηλεκτρικό. Τηλ. 825-577.
ΚΟΣΜΗΜΑΤΑ ωρολογιών. Τηλ. 230-217.
ΚΩΝΣΤΑΝΤΙΝΟΥΠΟΛΙΤΗΣ. Τηλ. 419-213.
ΠΩΛΕΙΤΑΙ κομμωτήριο. Τηλ. 838-860.
ΑΝΤΑΛΛΑΚΤΙΚΑ αγοράζουμε. Τηλ. 214-114.
ΙΝΔΙΚΑ φορέματα, φούστες, καμπίζες, γιλέκα. Τηλ. 522-450.
ΗΛΕΚΤΡΟΝΙΚΑ παιχνίδια. Τηλ. 823-551.
ΑΝΘΡΑΚΙΤΗΣ μεταλλικός. Τηλ. 523-451.
ΑΓΟΡΑΖΩ χρυσά, ασημένια. Τηλ. 839-243.
ΧΡΥΣΕΣ λίρες, διαμάντια. Τηλ. 228-453.
POLYTECHNICA Service. Τηλ. 214-757.
ΖΗΤΩ Πανομάλλινα. Τηλ. 815-245.
ΕΥΚΑΙΡΙΑ: Πωλούνται. Τηλ. 810-208.
ΔΙΑΦΟΡΕΣ ξύλινες. Τηλ. 377-.
ΠΩΛΕΙΤΑΙ ζώδια. Τηλ. 229-489.
ΒΙΤΡΙΝΑ 4 μ. πωλείται. Τηλ. 267-969.
ΕΥΚΑΙΡΙΑ. Από ιδιώτη πωλούνται. Τηλ. 841-201.
ΑΙΜΟΡΡΟΪΔΕΣ ευκολία θεραπεία. Τηλ. 305-057.
ΠΩΛΕΙΤΑΙ μεταχειρισμένα. Τηλ. 630.
ΜΟΝΩΣΕΙΣ ταρατσών. Τηλ. 417-825.
ΑΓΟΡΑΖΟΥΜΕ μεταλλικά. Τηλ. 501-324.
ΑΥΘΕΝΤΙΚΑ χαλιά. Τηλ. 210-000, 491-120.
ΠΩΛΟΥΝΤΑΙ εξοπλισμός. Τηλ. 614-619.
ΠΩΛΕΙΤΑΙ πλήρης. Τηλ. 815-858.
ΠΩΛΕΙΤΑΙ 3 ηλεκτρονικά. Τηλ. 41-246.
ΠΩΛΟΥΝΤΑΙ σκύλοι. Τηλ. 51.
ΠΩΛΟΥΝΤΑΙ καινούργια. Τηλ. 649.
ΠΩΛΟΥΝΤΑΙ κρεβάτι. Τηλ. 618-.
ΤΟ ΚΤΕΛ νομού Ροδόπης. Τηλ. 531.
ΠΩΛΕΙΤΑΙ Radial. Τηλ. 427.
ΕΛΑΙΟΧΡΩΜΑΤΙΣΤΗΣ. Τηλ. 219-289.
ΤΖΑΚΙΑ ανοιχτά. Τηλ. 518.
ΠΩΛΟΥΝΤΑΙ ηλεκτρικά. Τηλ. 414-529.
ΜΕΤΑΦΟΡΑΙ ο Απόστολος. Τηλ. 512.
ΜΕΤΑΚΟΜΙΣΕΙΣ. Τηλ. 214-114.
